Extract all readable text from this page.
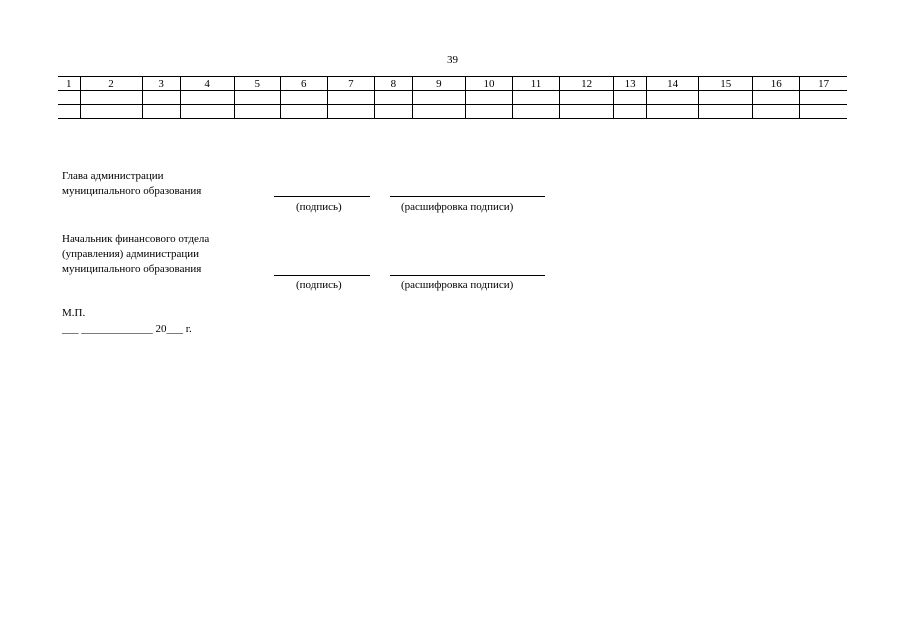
39
1	2	3	4	5	6	7	8	9	10	11	12	13	14	15	16	17

Глава администрации
муниципального образования
(подпись)	(расшифровка подписи)
Начальник финансового отдела
(управления) администрации
муниципального образования
(подпись)	(расшифровка подписи)
М.П.
___ _____________ 20___ г.
